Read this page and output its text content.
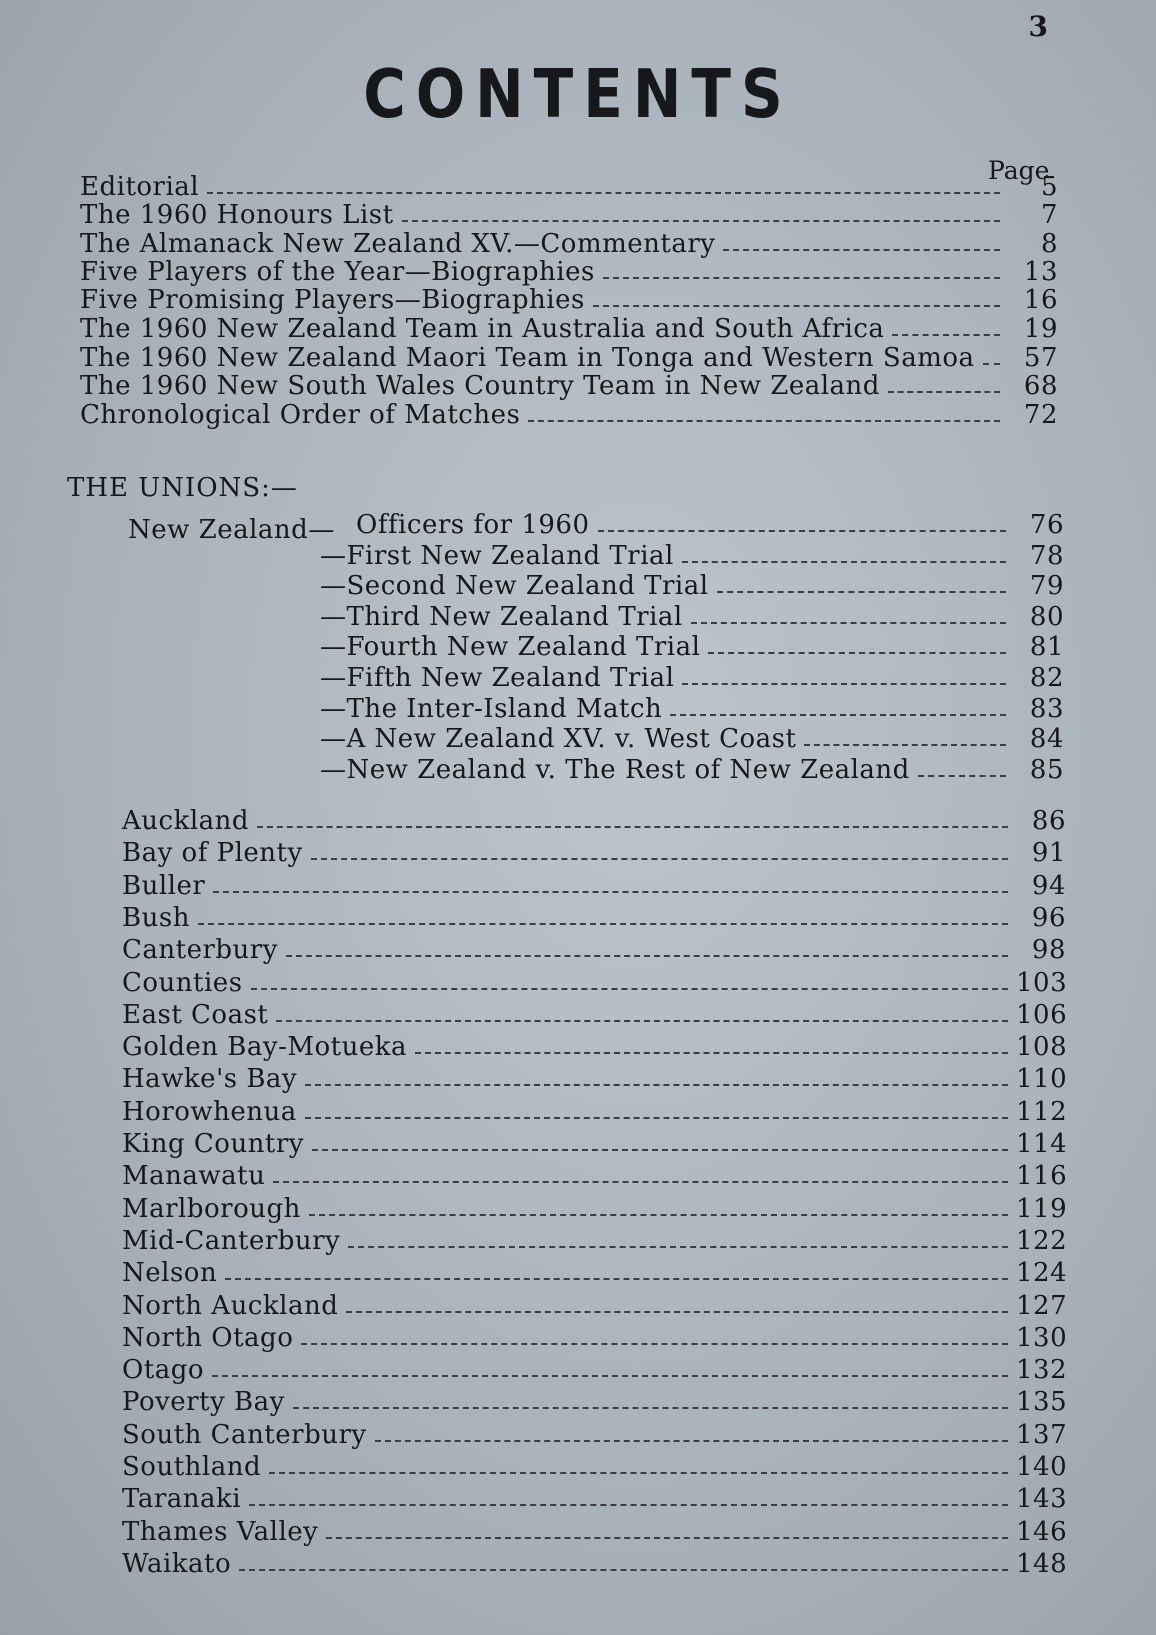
3
CONTENTS
Page
Editorial	5
The 1960 Honours List	7
The Almanack New Zealand XV.—Commentary	8
Five Players of the Year—Biographies	13
Five Promising Players—Biographies	16
The 1960 New Zealand Team in Australia and South Africa	19
The 1960 New Zealand Maori Team in Tonga and Western Samoa	57
The 1960 New South Wales Country Team in New Zealand	68
Chronological Order of Matches	72
Officers for 1960	76
—First New Zealand Trial	78
—Second New Zealand Trial	79
—Third New Zealand Trial	80
—Fourth New Zealand Trial	81
—Fifth New Zealand Trial	82
—The Inter-Island Match	83
—A New Zealand XV. v. West Coast	84
—New Zealand v. The Rest of New Zealand	85
Auckland	86
Bay of Plenty	91
Buller	94
Bush	96
Canterbury	98
Counties	103
East Coast	106
Golden Bay-Motueka	108
Hawke's Bay	110
Horowhenua	112
King Country	114
Manawatu	116
Marlborough	119
Mid-Canterbury	122
Nelson	124
North Auckland	127
North Otago	130
Otago	132
Poverty Bay	135
South Canterbury	137
Southland	140
Taranaki	143
Thames Valley	146
Waikato	148
THE UNIONS:—
New Zealand—
